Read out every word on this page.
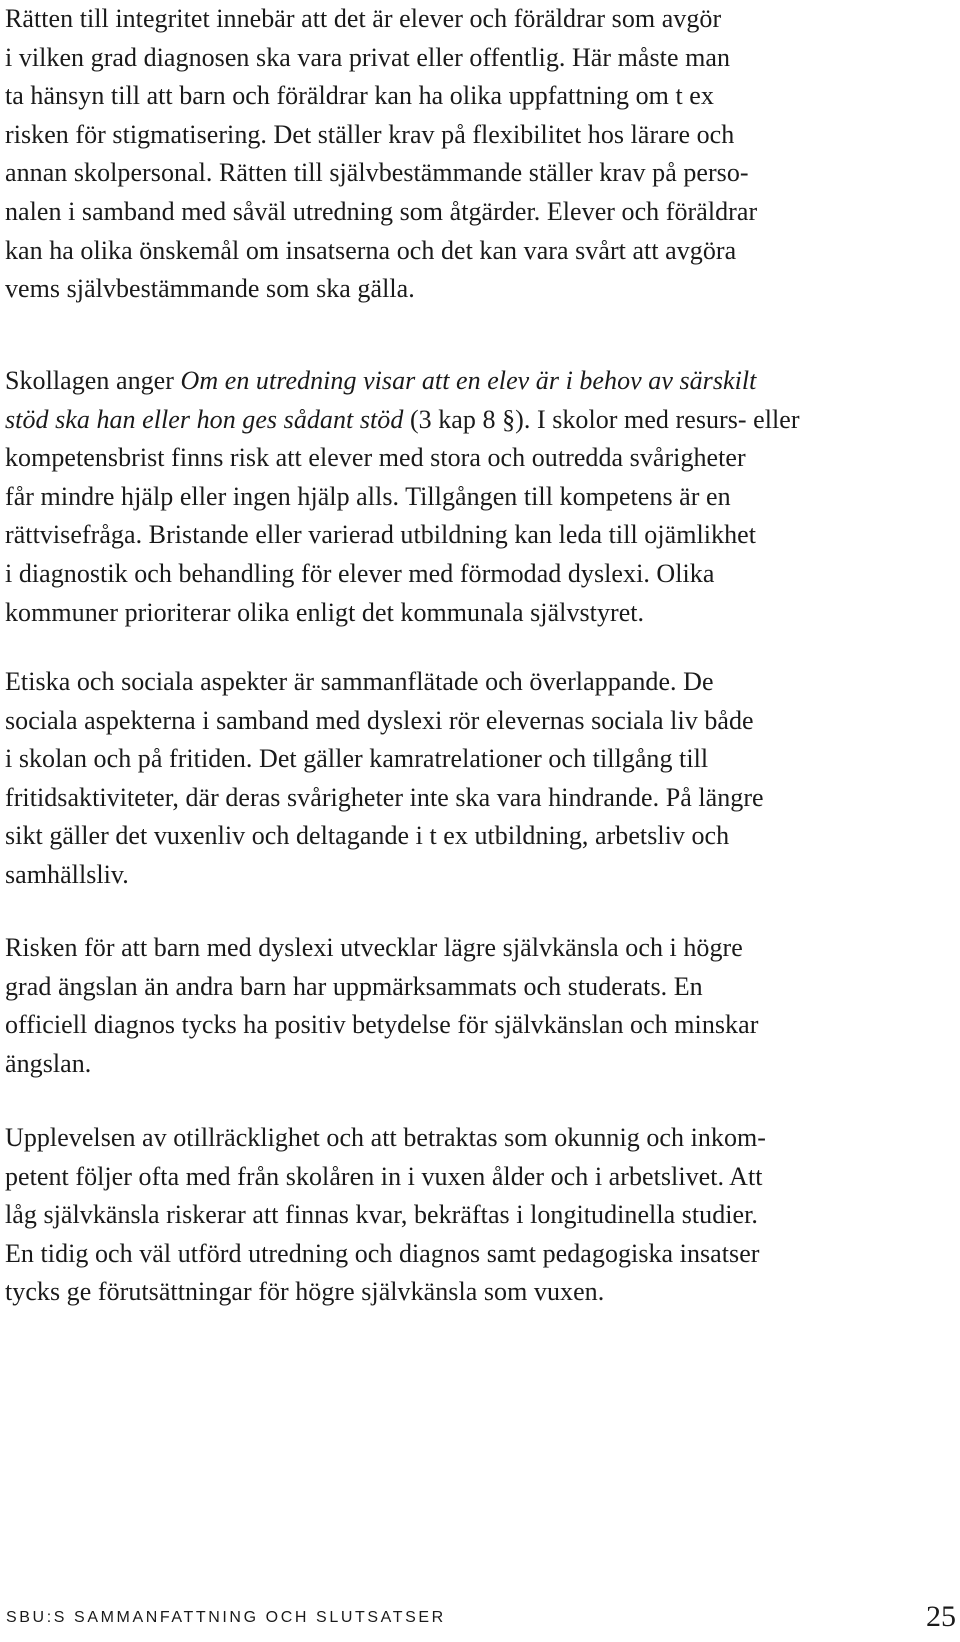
Rätten till integritet innebär att det är elever och föräldrar som avgör
i vilken grad diagnosen ska vara privat eller offentlig. Här måste man
ta hänsyn till att barn och föräldrar kan ha olika uppfattning om t ex
risken för stigmatisering. Det ställer krav på flexibilitet hos lärare och
annan skolpersonal. Rätten till självbestämmande ställer krav på perso-
nalen i samband med såväl utredning som åtgärder. Elever och föräldrar
kan ha olika önskemål om insatserna och det kan vara svårt att avgöra
vems självbestämmande som ska gälla.

Skollagen anger Om en utredning visar att en elev är i behov av särskilt
stöd ska han eller hon ges sådant stöd (3 kap 8 §). I skolor med resurs- eller
kompetensbrist finns risk att elever med stora och outredda svårigheter
får mindre hjälp eller ingen hjälp alls. Tillgången till kompetens är en
rättvisefråga. Bristande eller varierad utbildning kan leda till ojämlikhet
i diagnostik och behandling för elever med förmodad dyslexi. Olika
kommuner prioriterar olika enligt det kommunala självstyret.

Etiska och sociala aspekter är sammanflätade och överlappande. De
sociala aspekterna i samband med dyslexi rör elevernas sociala liv både
i skolan och på fritiden. Det gäller kamratrelationer och tillgång till
fritidsaktiviteter, där deras svårigheter inte ska vara hindrande. På längre
sikt gäller det vuxenliv och deltagande i t ex utbildning, arbetsliv och
samhällsliv.

Risken för att barn med dyslexi utvecklar lägre självkänsla och i högre
grad ängslan än andra barn har uppmärksammats och studerats. En
officiell diagnos tycks ha positiv betydelse för självkänslan och minskar
ängslan.

Upplevelsen av otillräcklighet och att betraktas som okunnig och inkom-
petent följer ofta med från skolåren in i vuxen ålder och i arbetslivet. Att
låg självkänsla riskerar att finnas kvar, bekräftas i longitudinella studier.
En tidig och väl utförd utredning och diagnos samt pedagogiska insatser
tycks ge förutsättningar för högre självkänsla som vuxen.

SBU:S SAMMANFATTNING OCH SLUTSATSER	25
